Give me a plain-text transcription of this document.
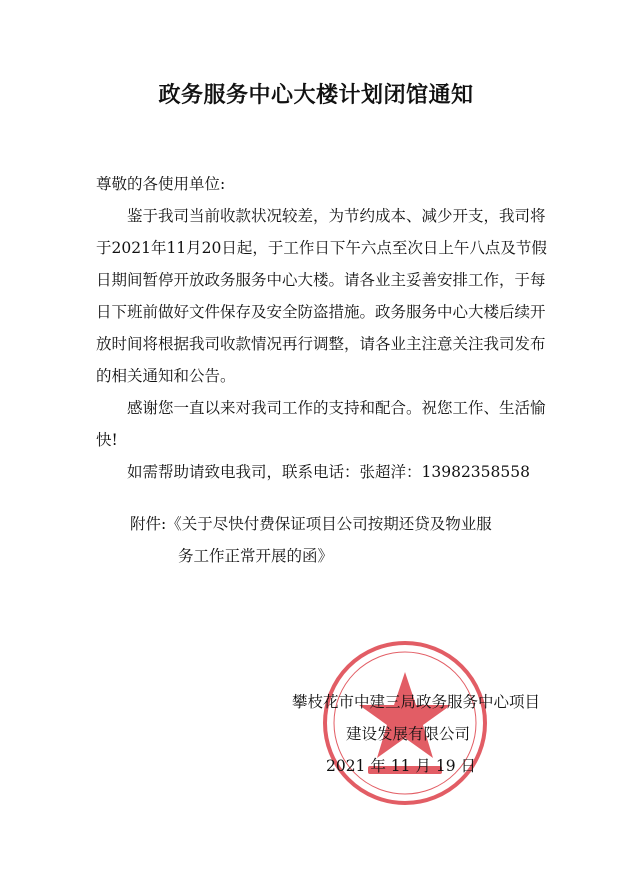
政务服务中心大楼计划闭馆通知

尊敬的各使用单位:

鉴于我司当前收款状况较差，为节约成本、减少开支，我司将于2021年11月20日起，于工作日下午六点至次日上午八点及节假日期间暂停开放政务服务中心大楼。请各业主妥善安排工作，于每日下班前做好文件保存及安全防盗措施。政务服务中心大楼后续开放时间将根据我司收款情况再行调整，请各业主注意关注我司发布的相关通知和公告。

感谢您一直以来对我司工作的支持和配合。祝您工作、生活愉快!

如需帮助请致电我司，联系电话：张超洋：13982358558

附件:《关于尽快付费保证项目公司按期还贷及物业服
务工作正常开展的函》

攀枝花市中建三局政务服务中心项目
建设发展有限公司
2021 年 11 月 19 日
